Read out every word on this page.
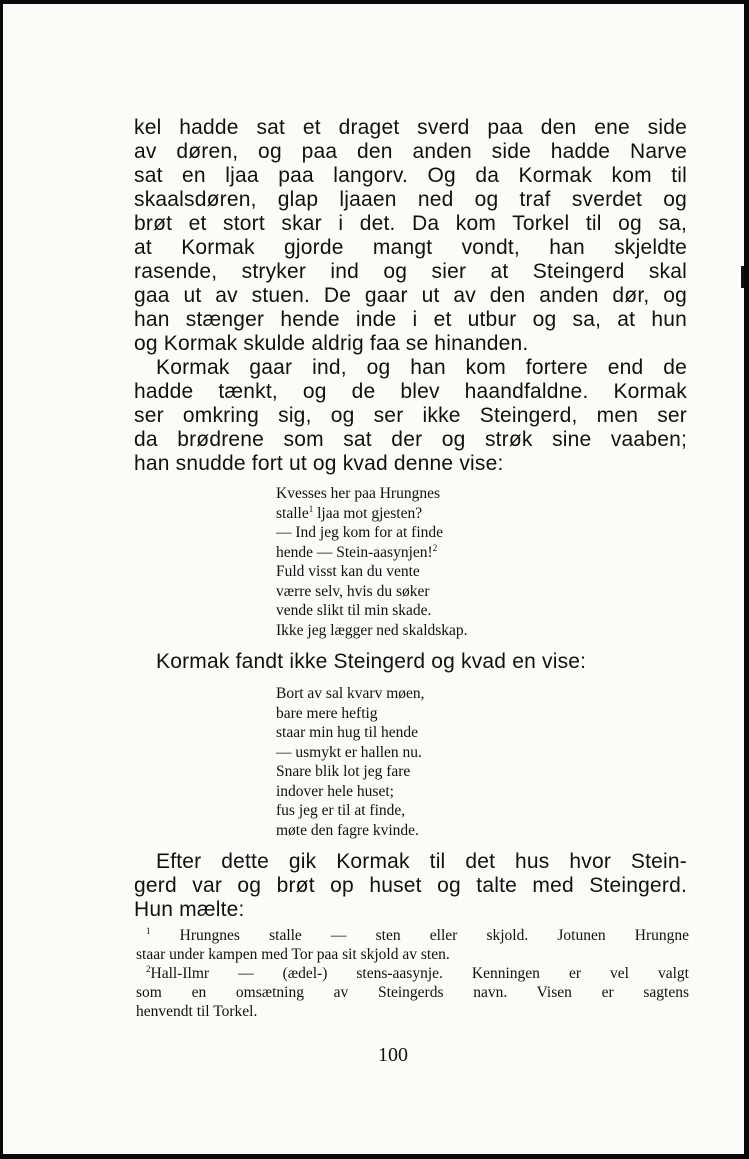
kel hadde sat et draget sverd paa den ene side
av døren, og paa den anden side hadde Narve
sat en ljaa paa langorv. Og da Kormak kom til
skaalsdøren, glap ljaaen ned og traf sverdet og
brøt et stort skar i det. Da kom Torkel til og sa,
at Kormak gjorde mangt vondt, han skjeldte
rasende, stryker ind og sier at Steingerd skal
gaa ut av stuen. De gaar ut av den anden dør, og
han stænger hende inde i et utbur og sa, at hun
og Kormak skulde aldrig faa se hinanden.
Kormak gaar ind, og han kom fortere end de
hadde tænkt, og de blev haandfaldne. Kormak
ser omkring sig, og ser ikke Steingerd, men ser
da brødrene som sat der og strøk sine vaaben;
han snudde fort ut og kvad denne vise:
Kvesses her paa Hrungnes
stalle$^1$ ljaa mot gjesten?
— Ind jeg kom for at finde
hende — Stein-aasynjen!$^2$
Fuld visst kan du vente
værre selv, hvis du søker
vende slikt til min skade.
Ikke jeg lægger ned skaldskap.
Kormak fandt ikke Steingerd og kvad en vise:
Bort av sal kvarv møen,
bare mere heftig
staar min hug til hende
— usmykt er hallen nu.
Snare blik lot jeg fare
indover hele huset;
fus jeg er til at finde,
møte den fagre kvinde.
Efter dette gik Kormak til det hus hvor Stein-
gerd var og brøt op huset og talte med Steingerd.
Hun mælte:
$^1$ Hrungnes stalle — sten eller skjold. Jotunen Hrungne
staar under kampen med Tor paa sit skjold av sten.
$^2$Hall-Ilmr — (ædel-) stens-aasynje. Kenningen er vel valgt
som en omsætning av Steingerds navn. Visen er sagtens
henvendt til Torkel.
100
